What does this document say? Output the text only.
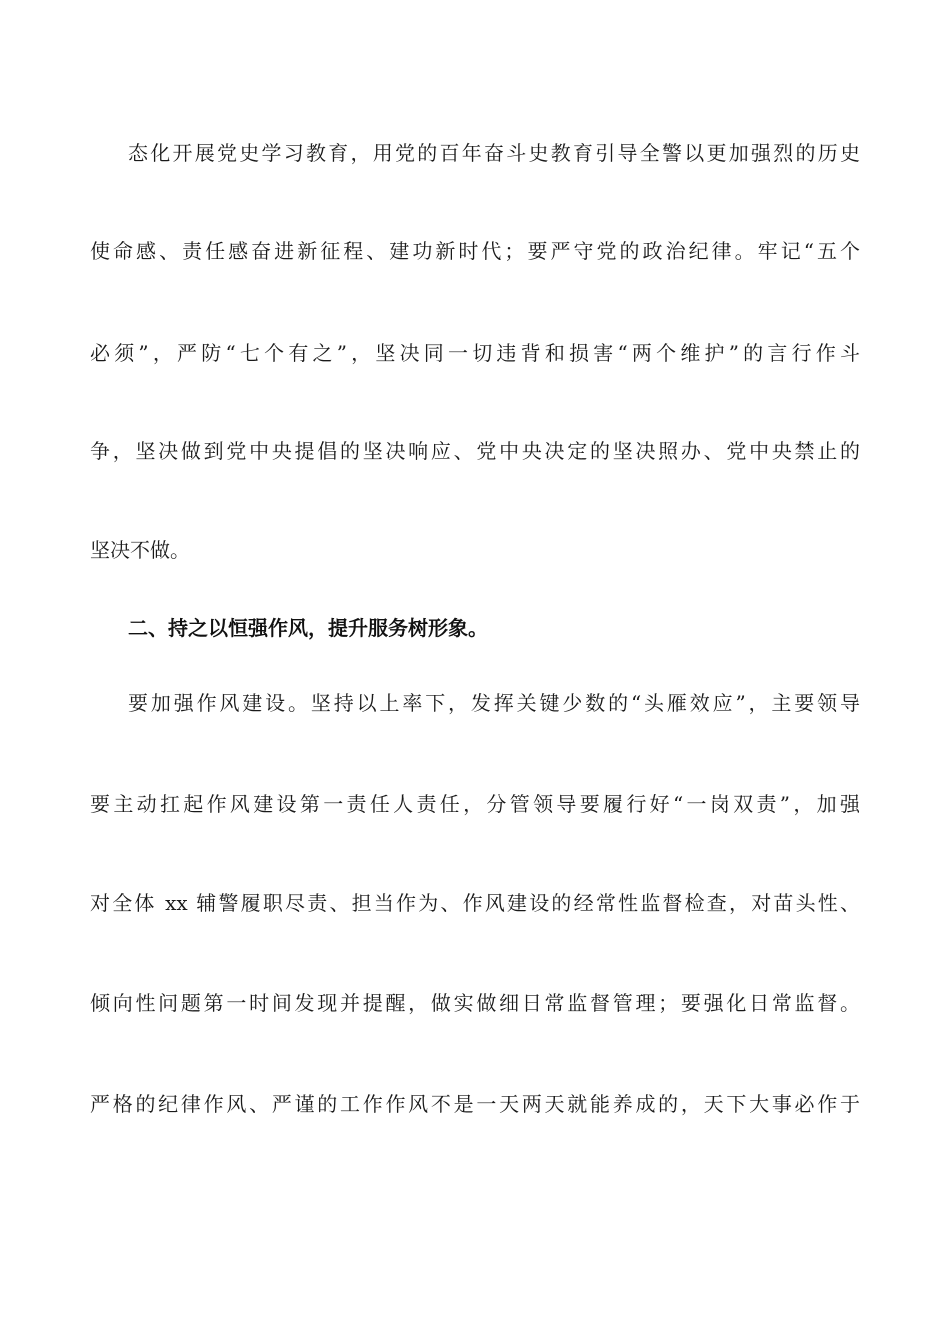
态化开展党史学习教育，用党的百年奋斗史教育引导全警以更加强烈的历史
使命感、责任感奋进新征程、建功新时代；要严守党的政治纪律。牢记“五个
必须”，严防“七个有之”，坚决同一切违背和损害“两个维护”的言行作斗
争，坚决做到党中央提倡的坚决响应、党中央决定的坚决照办、党中央禁止的
坚决不做。
二、持之以恒强作风，提升服务树形象。
要加强作风建设。坚持以上率下，发挥关键少数的“头雁效应”，主要领导
要主动扛起作风建设第一责任人责任，分管领导要履行好“一岗双责”，加强
对全体 xx 辅警履职尽责、担当作为、作风建设的经常性监督检查，对苗头性、
倾向性问题第一时间发现并提醒，做实做细日常监督管理；要强化日常监督。
严格的纪律作风、严谨的工作作风不是一天两天就能养成的，天下大事必作于
